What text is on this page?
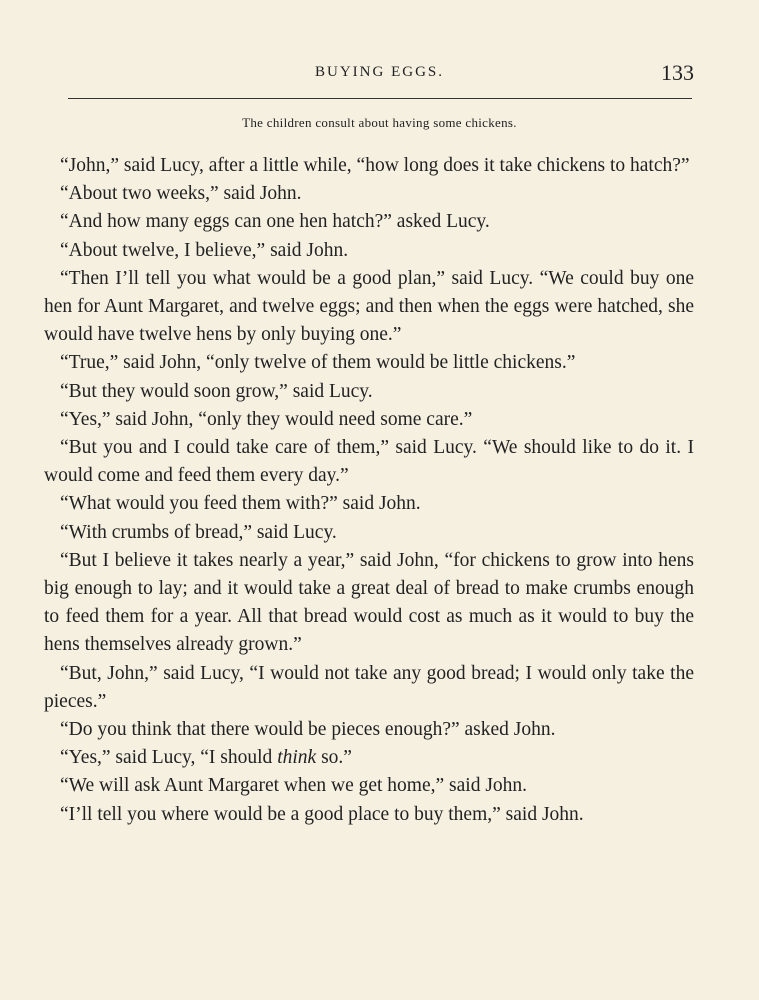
BUYING EGGS.	133
The children consult about having some chickens.

“John,” said Lucy, after a little while, “how long does it take chickens to hatch?”

“About two weeks,” said John.

“And how many eggs can one hen hatch?” asked Lucy.

“About twelve, I believe,” said John.

“Then I’ll tell you what would be a good plan,” said Lucy. “We could buy one hen for Aunt Margaret, and twelve eggs; and then when the eggs were hatched, she would have twelve hens by only buying one.”

“True,” said John, “only twelve of them would be little chickens.”

“But they would soon grow,” said Lucy.

“Yes,” said John, “only they would need some care.”

“But you and I could take care of them,” said Lucy. “We should like to do it. I would come and feed them every day.”

“What would you feed them with?” said John.

“With crumbs of bread,” said Lucy.

“But I believe it takes nearly a year,” said John, “for chickens to grow into hens big enough to lay; and it would take a great deal of bread to make crumbs enough to feed them for a year. All that bread would cost as much as it would to buy the hens themselves already grown.”

“But, John,” said Lucy, “I would not take any good bread; I would only take the pieces.”

“Do you think that there would be pieces enough?” asked John.

“Yes,” said Lucy, “I should think so.”

“We will ask Aunt Margaret when we get home,” said John.

“I’ll tell you where would be a good place to buy them,” said John.
